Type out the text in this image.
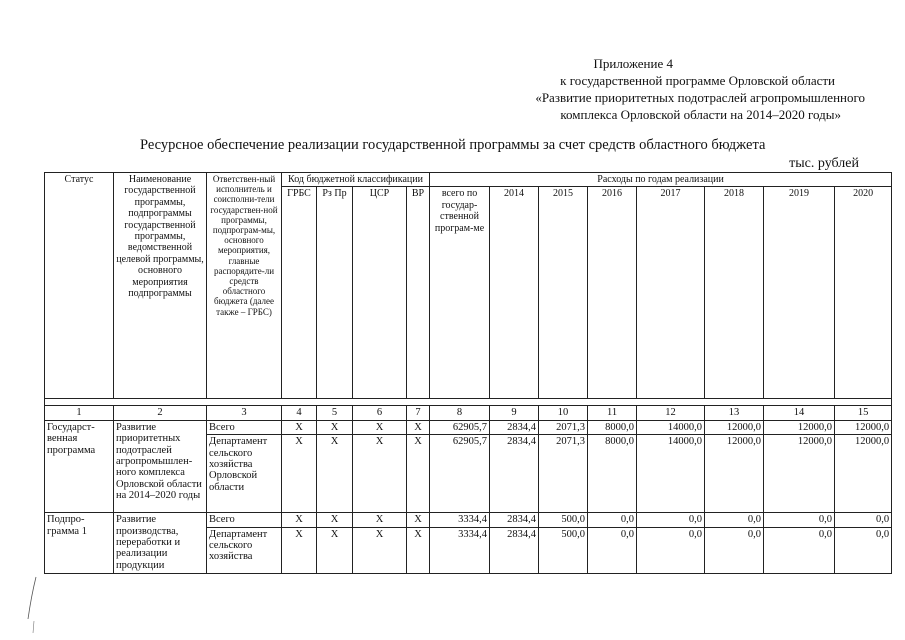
Приложение 4
к государственной программе Орловской области
«Развитие приоритетных подотраслей агропромышленного
комплекса Орловской области на 2014–2020 годы»
Ресурсное обеспечение реализации государственной программы за счет средств областного бюджета
тыс. рублей
Статус	Наименование государственной программы, подпрограммы государственной программы, ведомственной целевой программы, основного мероприятия подпрограммы	Ответствен-ный исполнитель и соисполни-тели государствен-ной программы, подпрограм-мы, основного мероприятия, главные распорядите-ли средств областного бюджета (далее также – ГРБС)	Код бюджетной классификации				Расходы по годам реализации							
			ГРБС	Рз Пр	ЦСР	ВР	всего по государ-ственной програм-ме	2014	2015	2016	2017	2018	2019	2020

1	2	3	4	5	6	7	8	9	10	11	12	13	14	15
Государст-венная программа	Развитие приоритетных подотраслей агропромышлен-ного комплекса Орловской области на 2014–2020 годы	Всего	Х	Х	Х	Х	62905,7	2834,4	2071,3	8000,0	14000,0	12000,0	12000,0	12000,0
		Департамент сельского хозяйства Орловской области	Х	Х	Х	Х	62905,7	2834,4	2071,3	8000,0	14000,0	12000,0	12000,0	12000,0
Подпро-грамма 1	Развитие производства, переработки и реализации продукции	Всего	Х	Х	Х	Х	3334,4	2834,4	500,0	0,0	0,0	0,0	0,0	0,0
		Департамент сельского хозяйства	Х	Х	Х	Х	3334,4	2834,4	500,0	0,0	0,0	0,0	0,0	0,0
